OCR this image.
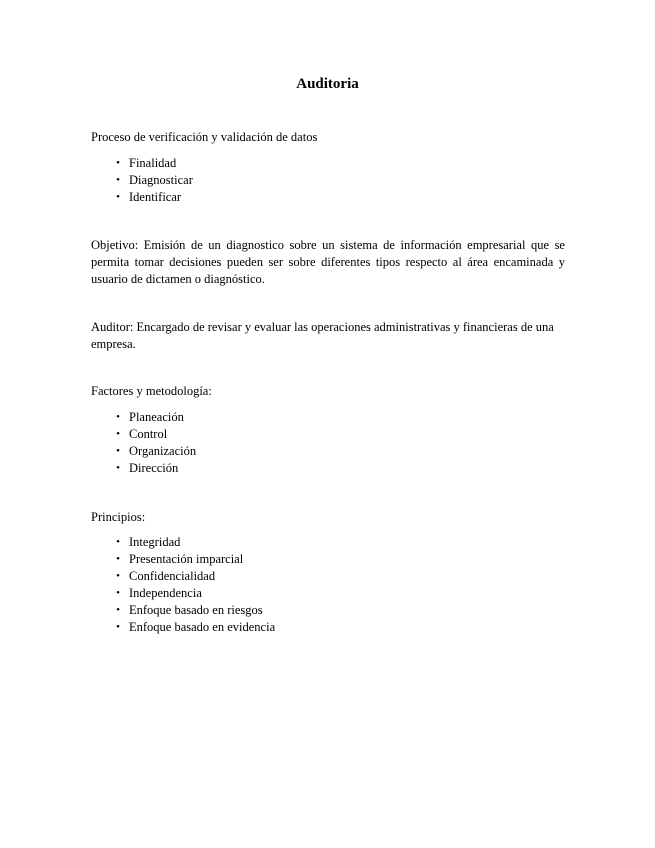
Auditoria

Proceso de verificación y validación de datos

• Finalidad
• Diagnosticar
• Identificar

Objetivo: Emisión de un diagnostico sobre un sistema de información empresarial que se permita tomar decisiones pueden ser sobre diferentes tipos respecto al área encaminada y usuario de dictamen o diagnóstico.

Auditor: Encargado de revisar y evaluar las operaciones administrativas y financieras de una empresa.

Factores y metodología:

• Planeación
• Control
• Organización
• Dirección

Principios:

• Integridad
• Presentación imparcial
• Confidencialidad
• Independencia
• Enfoque basado en riesgos
• Enfoque basado en evidencia
